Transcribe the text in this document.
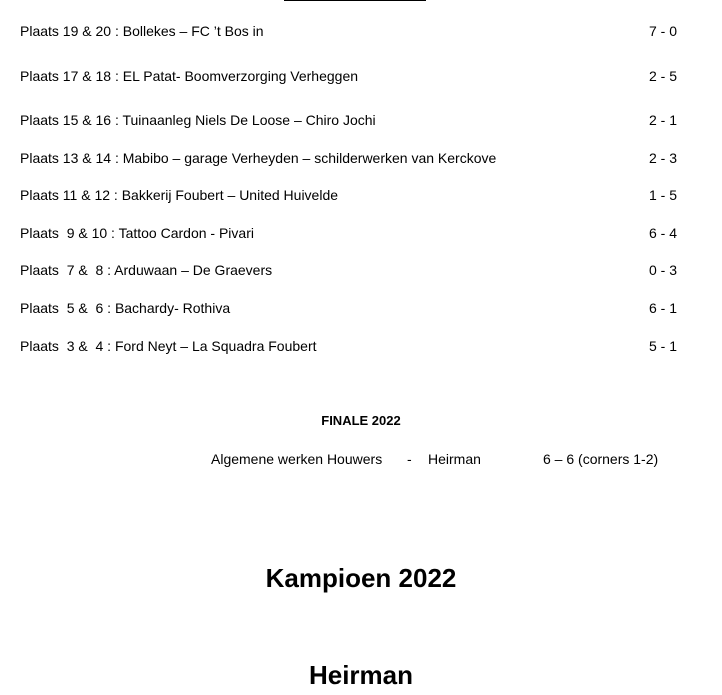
Plaats 19 & 20 : Bollekes – FC ’t Bos in	7 - 0
Plaats 17 & 18 : EL Patat- Boomverzorging Verheggen	2 - 5
Plaats 15 & 16 : Tuinaanleg Niels De Loose – Chiro Jochi	2 - 1
Plaats 13 & 14 : Mabibo – garage Verheyden – schilderwerken van Kerckove	2 - 3
Plaats 11 & 12 : Bakkerij Foubert – United Huivelde	1 - 5
Plaats  9 & 10 : Tattoo Cardon - Pivari	6 - 4
Plaats  7 &  8 : Arduwaan – De Graevers	0 - 3
Plaats  5 &  6 : Bachardy- Rothiva	6 - 1
Plaats  3 &  4 : Ford Neyt – La Squadra Foubert	5 - 1
FINALE 2022
Algemene werken Houwers - Heirman	6 – 6 (corners 1-2)
Kampioen 2022
Heirman
